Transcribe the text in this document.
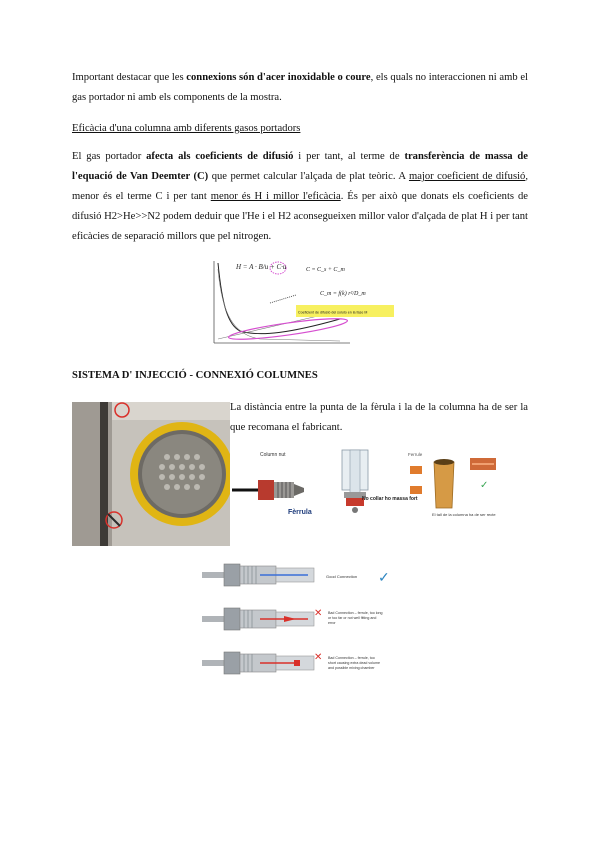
Important destacar que les connexions són d'acer inoxidable o coure, els quals no interaccionen ni amb el gas portador ni amb els components de la mostra.

Eficàcia d'una columna amb diferents gasos portadors

El gas portador afecta als coeficients de difusió i per tant, al terme de transferència de massa de l'equació de Van Deemter (C) que permet calcular l'alçada de plat teòric. A major coeficient de difusió, menor és el terme C i per tant menor és H i millor l'eficàcia. És per això que donats els coeficients de difusió H2>He>>N2 podem deduir que l'He i el H2 aconsegueixen millor valor d'alçada de plat H i per tant eficàcies de separació millors que pel nitrogen.

H = A · B/u + C·u	C = C_s + C_m
C_m = f(k) r²/D_m
Coeficient de difusió del soluto en la fase M

SISTEMA D' INJECCIÓ - CONNEXIÓ COLUMNES

La distància entre la punta de la fèrula i la de la columna ha de ser la que recomana el fabricant.

Column nut
Fèrrula
No collar ho massa fort
Ferrule
✓
El tall de la columna ha de ser recte
Good Connection ✓
✕ Bad Connection – ferrule, too long or too far or not well fitting and error
✕ Bad Connection – ferrule, too short causing extra dead volume and possible mixing chamber
